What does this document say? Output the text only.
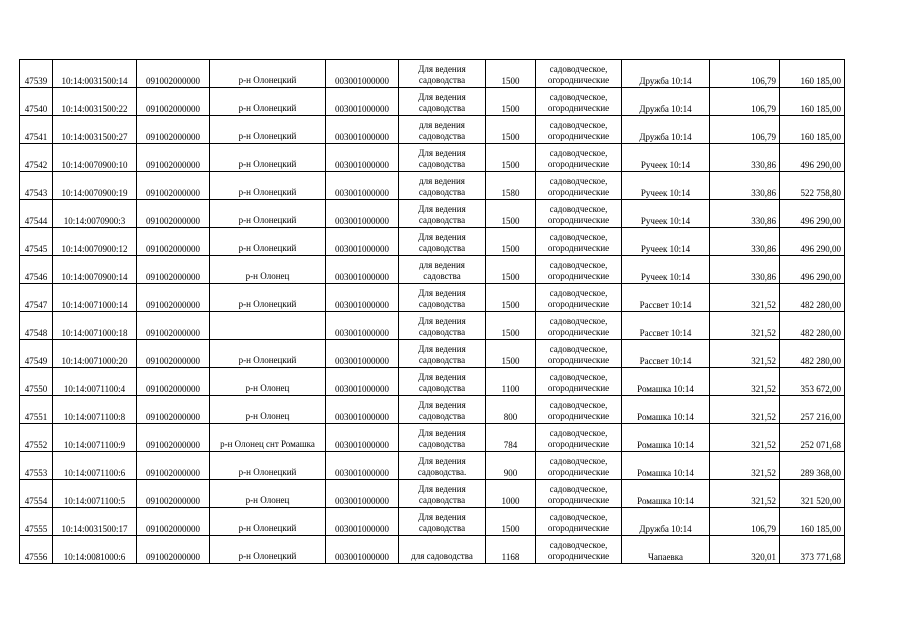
47539	10:14:0031500:14	091002000000	р-н Олонецкий	003001000000	Для ведения садоводства	1500	садоводческое, огороднические	Дружба 10:14	106,79	160 185,00
47540	10:14:0031500:22	091002000000	р-н Олонецкий	003001000000	Для ведения садоводства	1500	садоводческое, огороднические	Дружба 10:14	106,79	160 185,00
47541	10:14:0031500:27	091002000000	р-н Олонецкий	003001000000	для ведения садоводства	1500	садоводческое, огороднические	Дружба 10:14	106,79	160 185,00
47542	10:14:0070900:10	091002000000	р-н Олонецкий	003001000000	Для ведения садоводства	1500	садоводческое, огороднические	Ручеек 10:14	330,86	496 290,00
47543	10:14:0070900:19	091002000000	р-н Олонецкий	003001000000	для ведения садоводства	1580	садоводческое, огороднические	Ручеек 10:14	330,86	522 758,80
47544	10:14:0070900:3	091002000000	р-н Олонецкий	003001000000	Для ведения садоводства	1500	садоводческое, огороднические	Ручеек 10:14	330,86	496 290,00
47545	10:14:0070900:12	091002000000	р-н Олонецкий	003001000000	Для ведения садоводства	1500	садоводческое, огороднические	Ручеек 10:14	330,86	496 290,00
47546	10:14:0070900:14	091002000000	р-н Олонец	003001000000	для ведения садовства	1500	садоводческое, огороднические	Ручеек 10:14	330,86	496 290,00
47547	10:14:0071000:14	091002000000	р-н Олонецкий	003001000000	Для ведения садоводства	1500	садоводческое, огороднические	Рассвет 10:14	321,52	482 280,00
47548	10:14:0071000:18	091002000000		003001000000	Для ведения садоводства	1500	садоводческое, огороднические	Рассвет 10:14	321,52	482 280,00
47549	10:14:0071000:20	091002000000	р-н Олонецкий	003001000000	Для ведения садоводства	1500	садоводческое, огороднические	Рассвет 10:14	321,52	482 280,00
47550	10:14:0071100:4	091002000000	р-н Олонец	003001000000	Для ведения садоводства	1100	садоводческое, огороднические	Ромашка 10:14	321,52	353 672,00
47551	10:14:0071100:8	091002000000	р-н Олонец	003001000000	Для ведения садоводства	800	садоводческое, огороднические	Ромашка 10:14	321,52	257 216,00
47552	10:14:0071100:9	091002000000	р-н Олонец снт Ромашка	003001000000	Для ведения садоводства	784	садоводческое, огороднические	Ромашка 10:14	321,52	252 071,68
47553	10:14:0071100:6	091002000000	р-н Олонецкий	003001000000	Для ведения садоводства.	900	садоводческое, огороднические	Ромашка 10:14	321,52	289 368,00
47554	10:14:0071100:5	091002000000	р-н Олонец	003001000000	Для ведения садоводства	1000	садоводческое, огороднические	Ромашка 10:14	321,52	321 520,00
47555	10:14:0031500:17	091002000000	р-н Олонецкий	003001000000	Для ведения садоводства	1500	садоводческое, огороднические	Дружба 10:14	106,79	160 185,00
47556	10:14:0081000:6	091002000000	р-н Олонецкий	003001000000	для садоводства	1168	садоводческое, огороднические	Чапаевка	320,01	373 771,68
